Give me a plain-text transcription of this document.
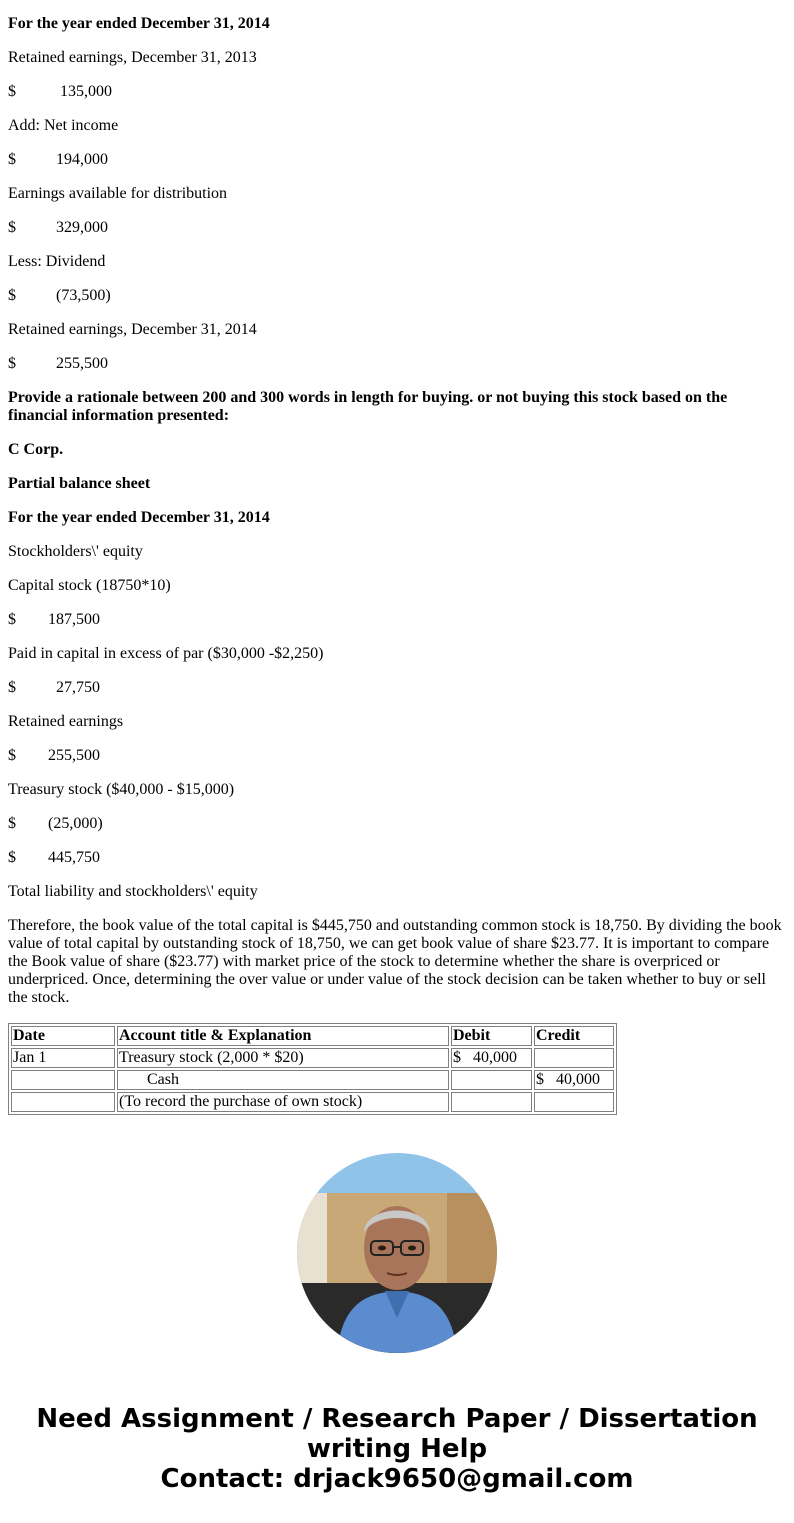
For the year ended December 31, 2014

Retained earnings, December 31, 2013

$           135,000

Add: Net income

$          194,000

Earnings available for distribution

$          329,000

Less: Dividend

$          (73,500)

Retained earnings, December 31, 2014

$          255,500

Provide a rationale between 200 and 300 words in length for buying. or not buying this stock based on the financial information presented:

C Corp.

Partial balance sheet

For the year ended December 31, 2014

Stockholders\' equity

Capital stock (18750*10)

$        187,500

Paid in capital in excess of par ($30,000 -$2,250)

$          27,750

Retained earnings

$        255,500

Treasury stock ($40,000 - $15,000)

$        (25,000)

$        445,750

Total liability and stockholders\' equity

Therefore, the book value of the total capital is $445,750 and outstanding common stock is 18,750. By dividing the book value of total capital by outstanding stock of 18,750, we can get book value of share $23.77. It is important to compare the Book value of share ($23.77) with market price of the stock to determine whether the share is overpriced or underpriced. Once, determining the over value or under value of the stock decision can be taken whether to buy or sell the stock.

Date	Account title & Explanation	Debit	Credit
Jan 1	Treasury stock (2,000 * $20)	$   40,000	
	Cash		$   40,000
	(To record the purchase of own stock)		
Need Assignment / Research Paper / Dissertation
writing Help
Contact: drjack9650@gmail.com
